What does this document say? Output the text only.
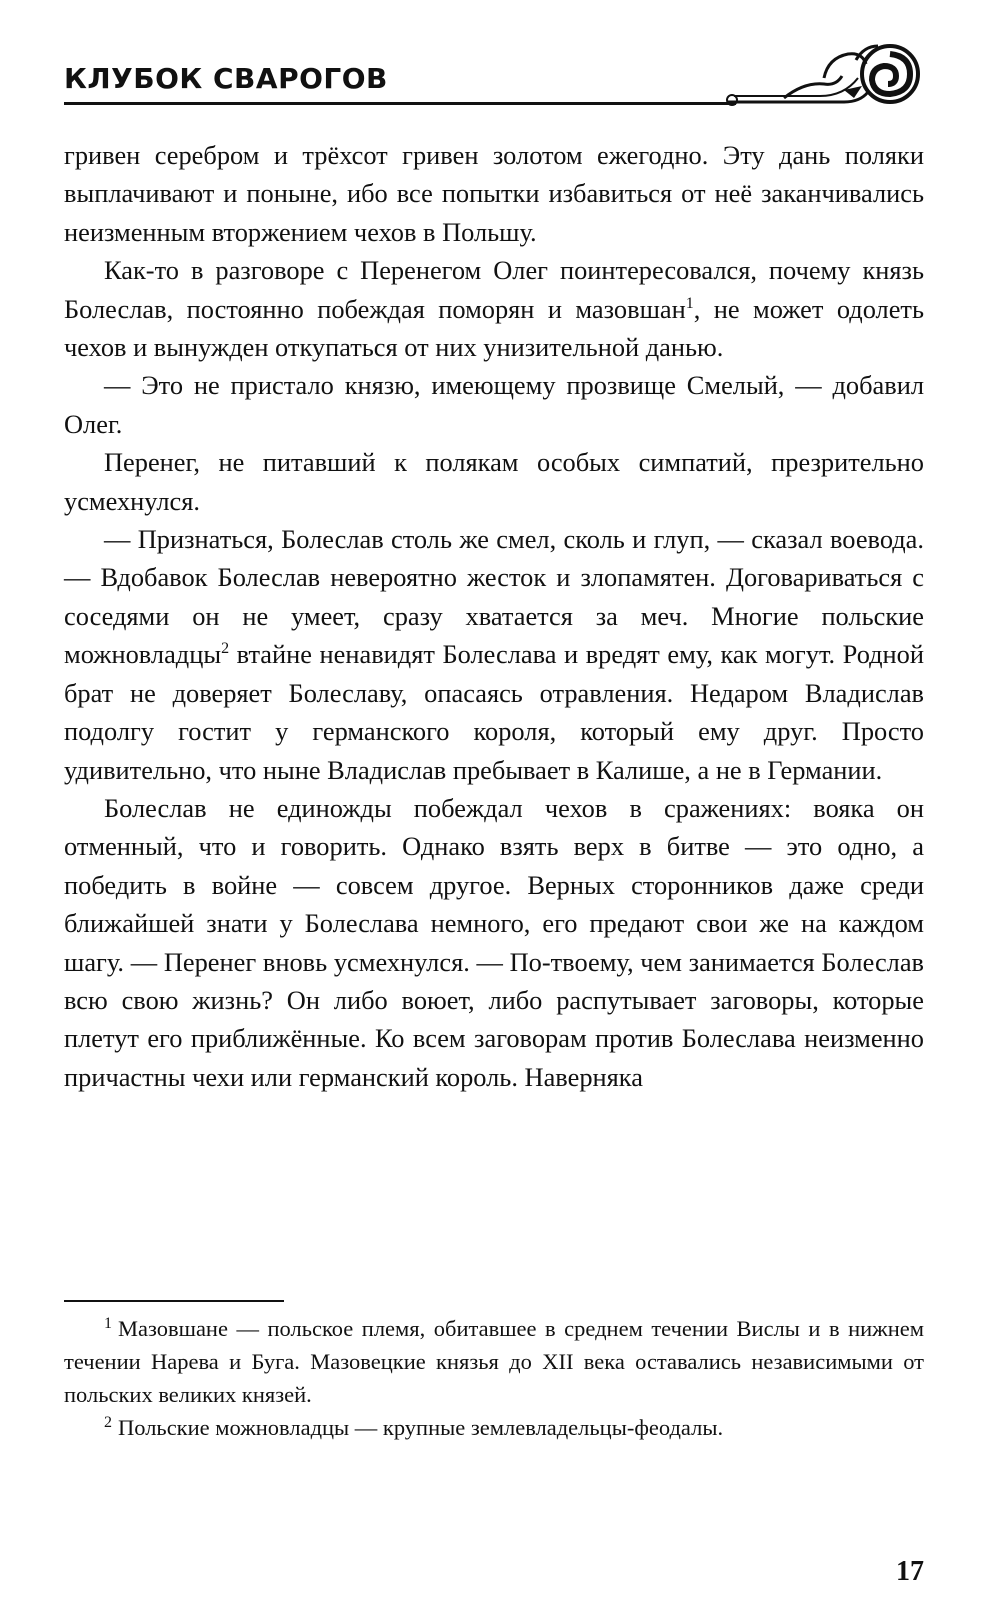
КЛУБОК СВАРОГОВ

гривен серебром и трёхсот гривен золотом ежегодно. Эту дань поляки выплачивают и поныне, ибо все попытки избавиться от неё заканчивались неизменным вторжением чехов в Польшу.

Как-то в разговоре с Перенегом Олег поинтересовался, почему князь Болеслав, постоянно побеждая поморян и мазовшан$^1$, не может одолеть чехов и вынужден откупаться от них унизительной данью.

— Это не пристало князю, имеющему прозвище Смелый, — добавил Олег.

Перенег, не питавший к полякам особых симпатий, презрительно усмехнулся.

— Признаться, Болеслав столь же смел, сколь и глуп, — сказал воевода. — Вдобавок Болеслав невероятно жесток и злопамятен. Договариваться с соседями он не умеет, сразу хватается за меч. Многие польские можновладцы$^2$ втайне ненавидят Болеслава и вредят ему, как могут. Родной брат не доверяет Болеславу, опасаясь отравления. Недаром Владислав подолгу гостит у германского короля, который ему друг. Просто удивительно, что ныне Владислав пребывает в Калише, а не в Германии.

Болеслав не единожды побеждал чехов в сражениях: вояка он отменный, что и говорить. Однако взять верх в битве — это одно, а победить в войне — совсем другое. Верных сторонников даже среди ближайшей знати у Болеслава немного, его предают свои же на каждом шагу. — Перенег вновь усмехнулся. — По-твоему, чем занимается Болеслав всю свою жизнь? Он либо воюет, либо распутывает заговоры, которые плетут его приближённые. Ко всем заговорам против Болеслава неизменно причастны чехи или германский король. Наверняка

$^1$ Мазовшане — польское племя, обитавшее в среднем течении Вислы и в нижнем течении Нарева и Буга. Мазовецкие князья до XII века оставались независимыми от польских великих князей.

$^2$ Польские можновладцы — крупные землевладельцы-феодалы.

17
